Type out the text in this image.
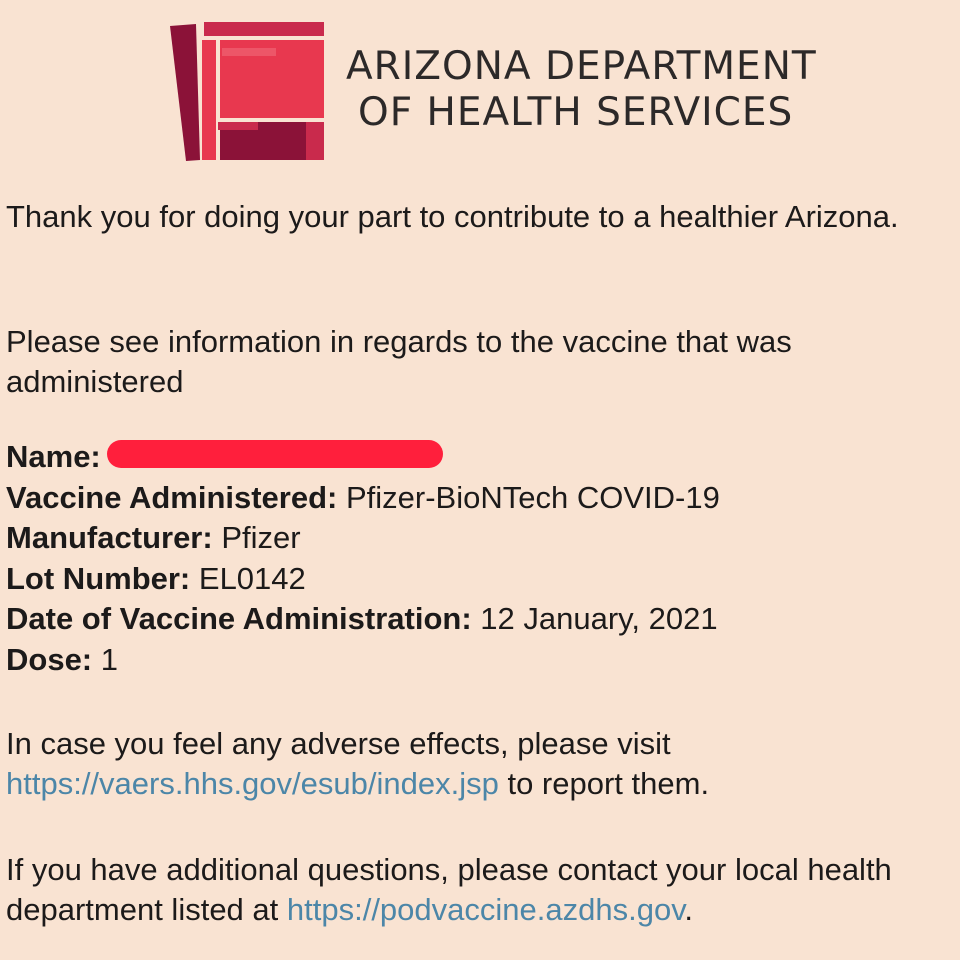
ARIZONA DEPARTMENT
OF HEALTH SERVICES

Thank you for doing your part to contribute to a healthier Arizona.

Please see information in regards to the vaccine that was administered

Name:
Vaccine Administered: Pfizer-BioNTech COVID-19
Manufacturer: Pfizer
Lot Number: EL0142
Date of Vaccine Administration: 12 January, 2021
Dose: 1

In case you feel any adverse effects, please visit
https://vaers.hhs.gov/esub/index.jsp to report them.

If you have additional questions, please contact your local health department listed at https://podvaccine.azdhs.gov.
